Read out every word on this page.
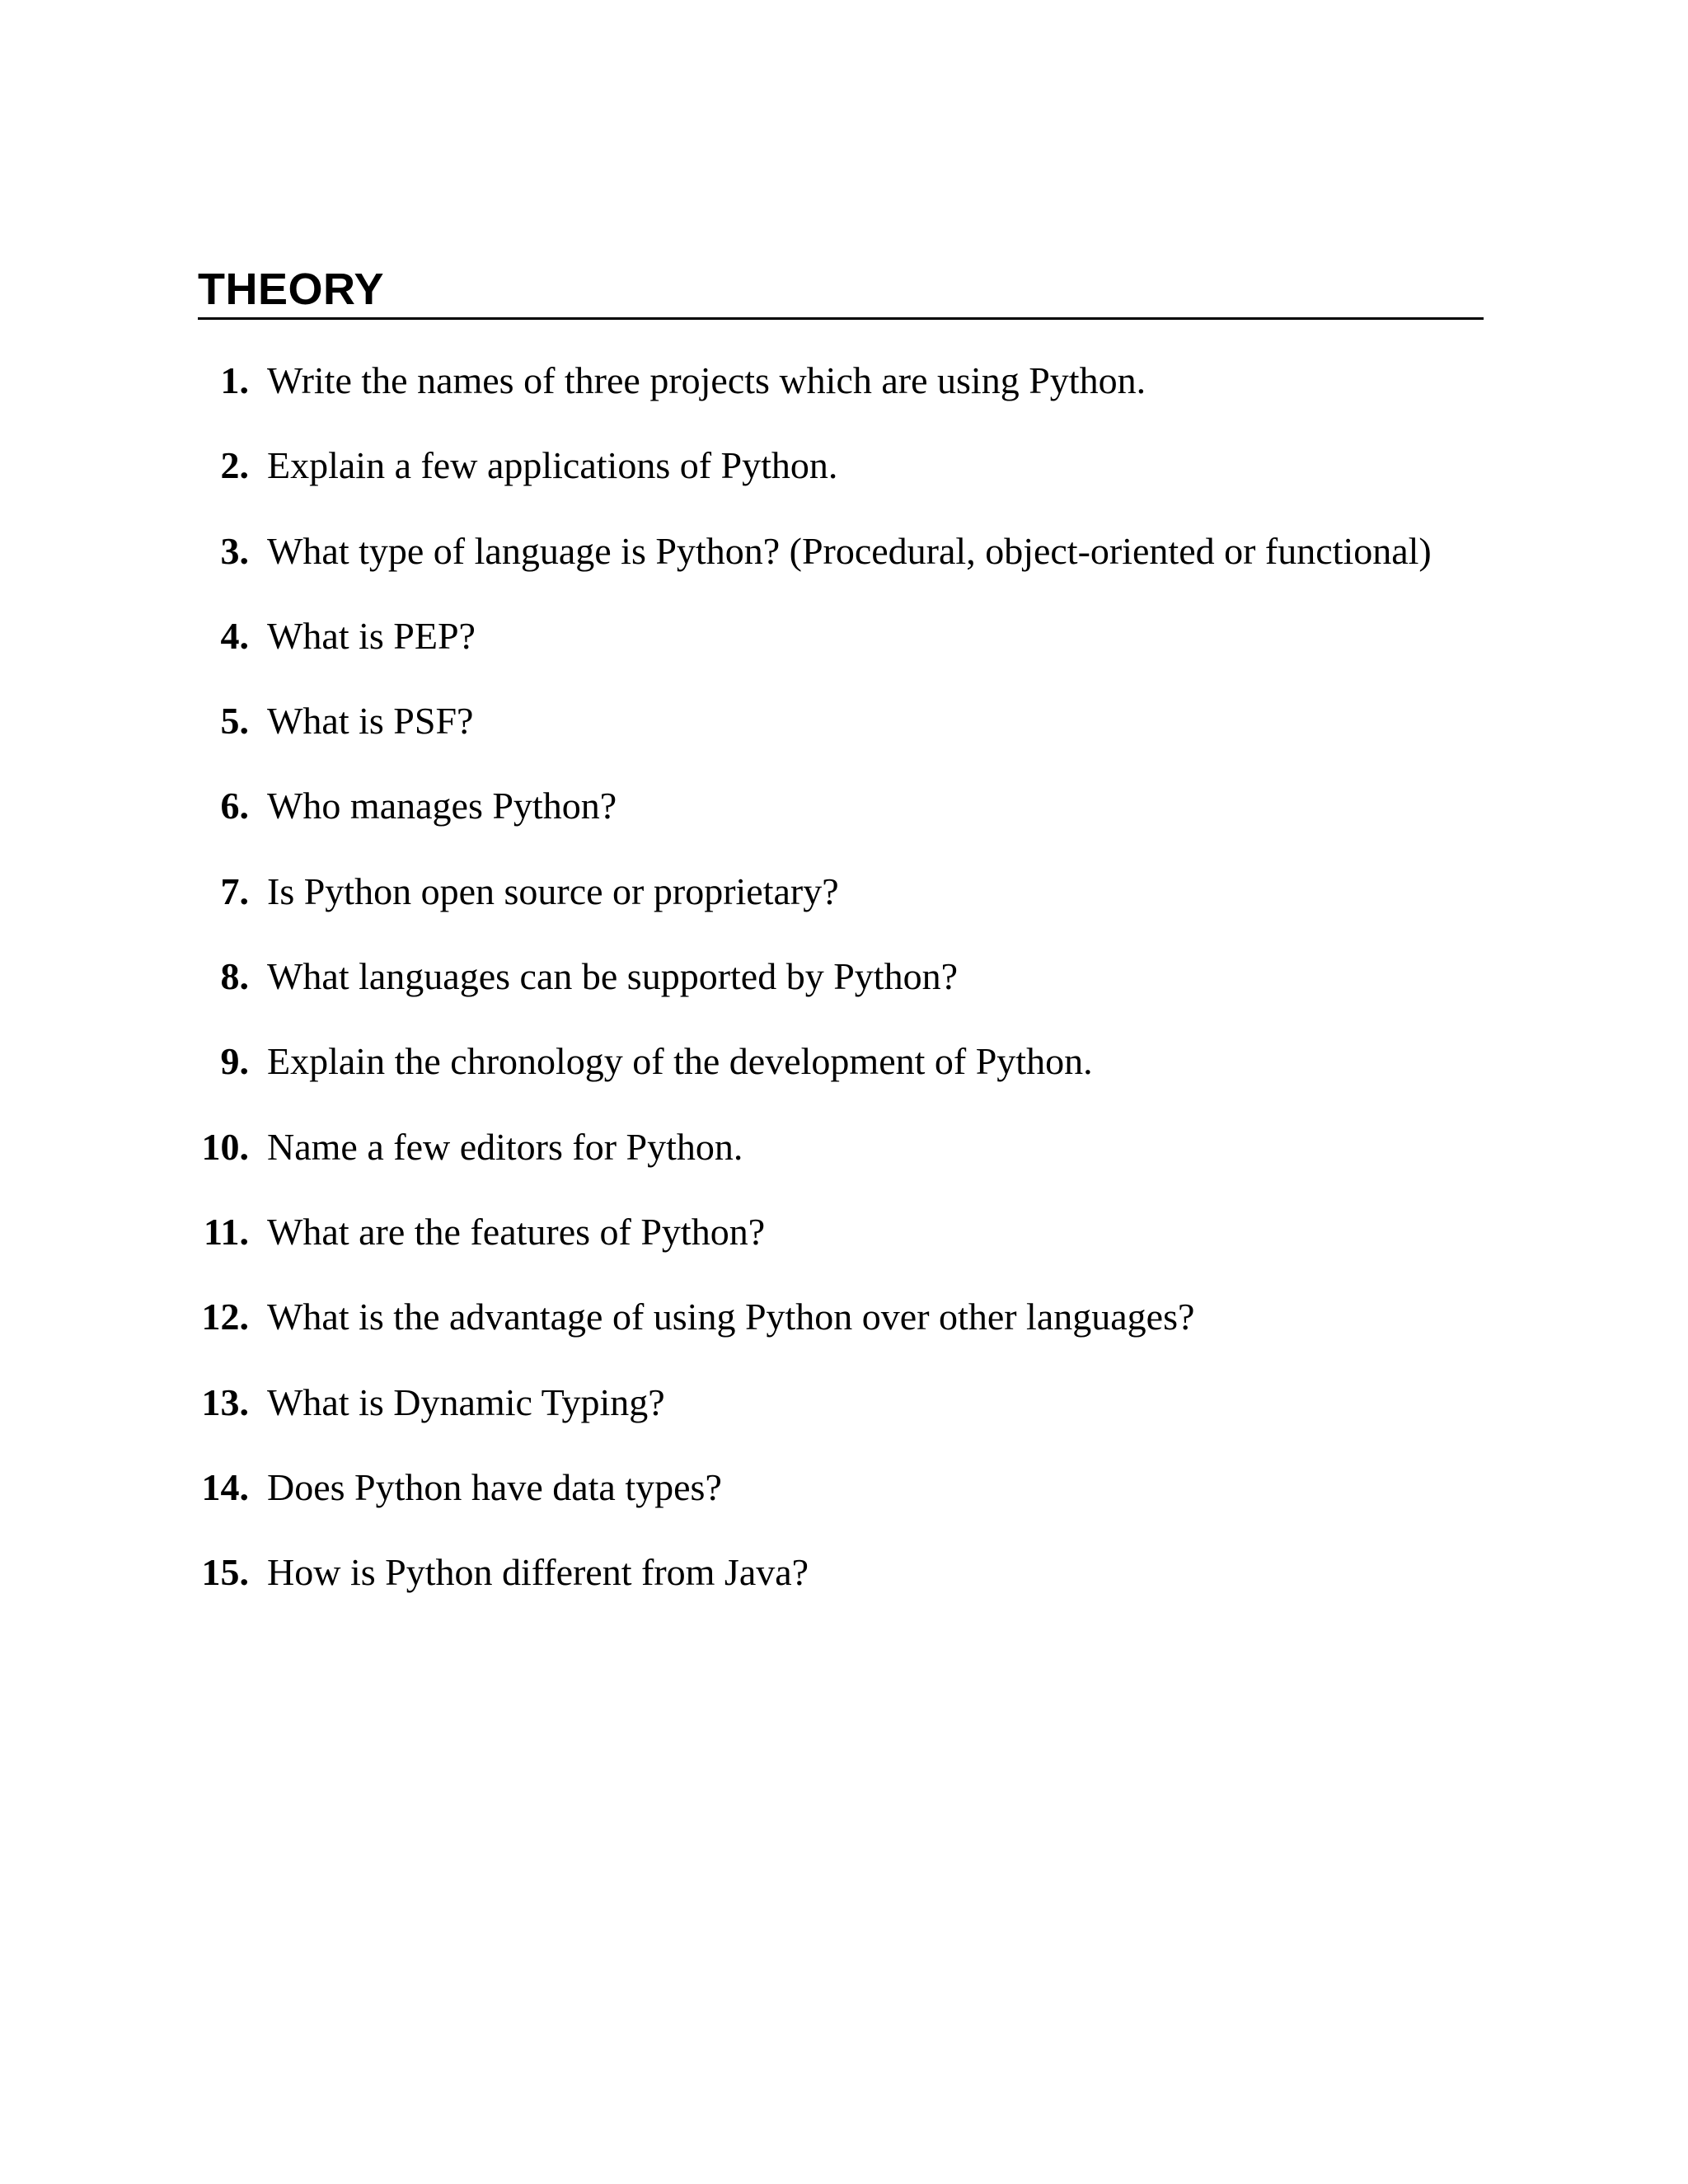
THEORY
1. Write the names of three projects which are using Python.
2. Explain a few applications of Python.
3. What type of language is Python? (Procedural, object-oriented or functional)
4. What is PEP?
5. What is PSF?
6. Who manages Python?
7. Is Python open source or proprietary?
8. What languages can be supported by Python?
9. Explain the chronology of the development of Python.
10. Name a few editors for Python.
11. What are the features of Python?
12. What is the advantage of using Python over other languages?
13. What is Dynamic Typing?
14. Does Python have data types?
15. How is Python different from Java?
